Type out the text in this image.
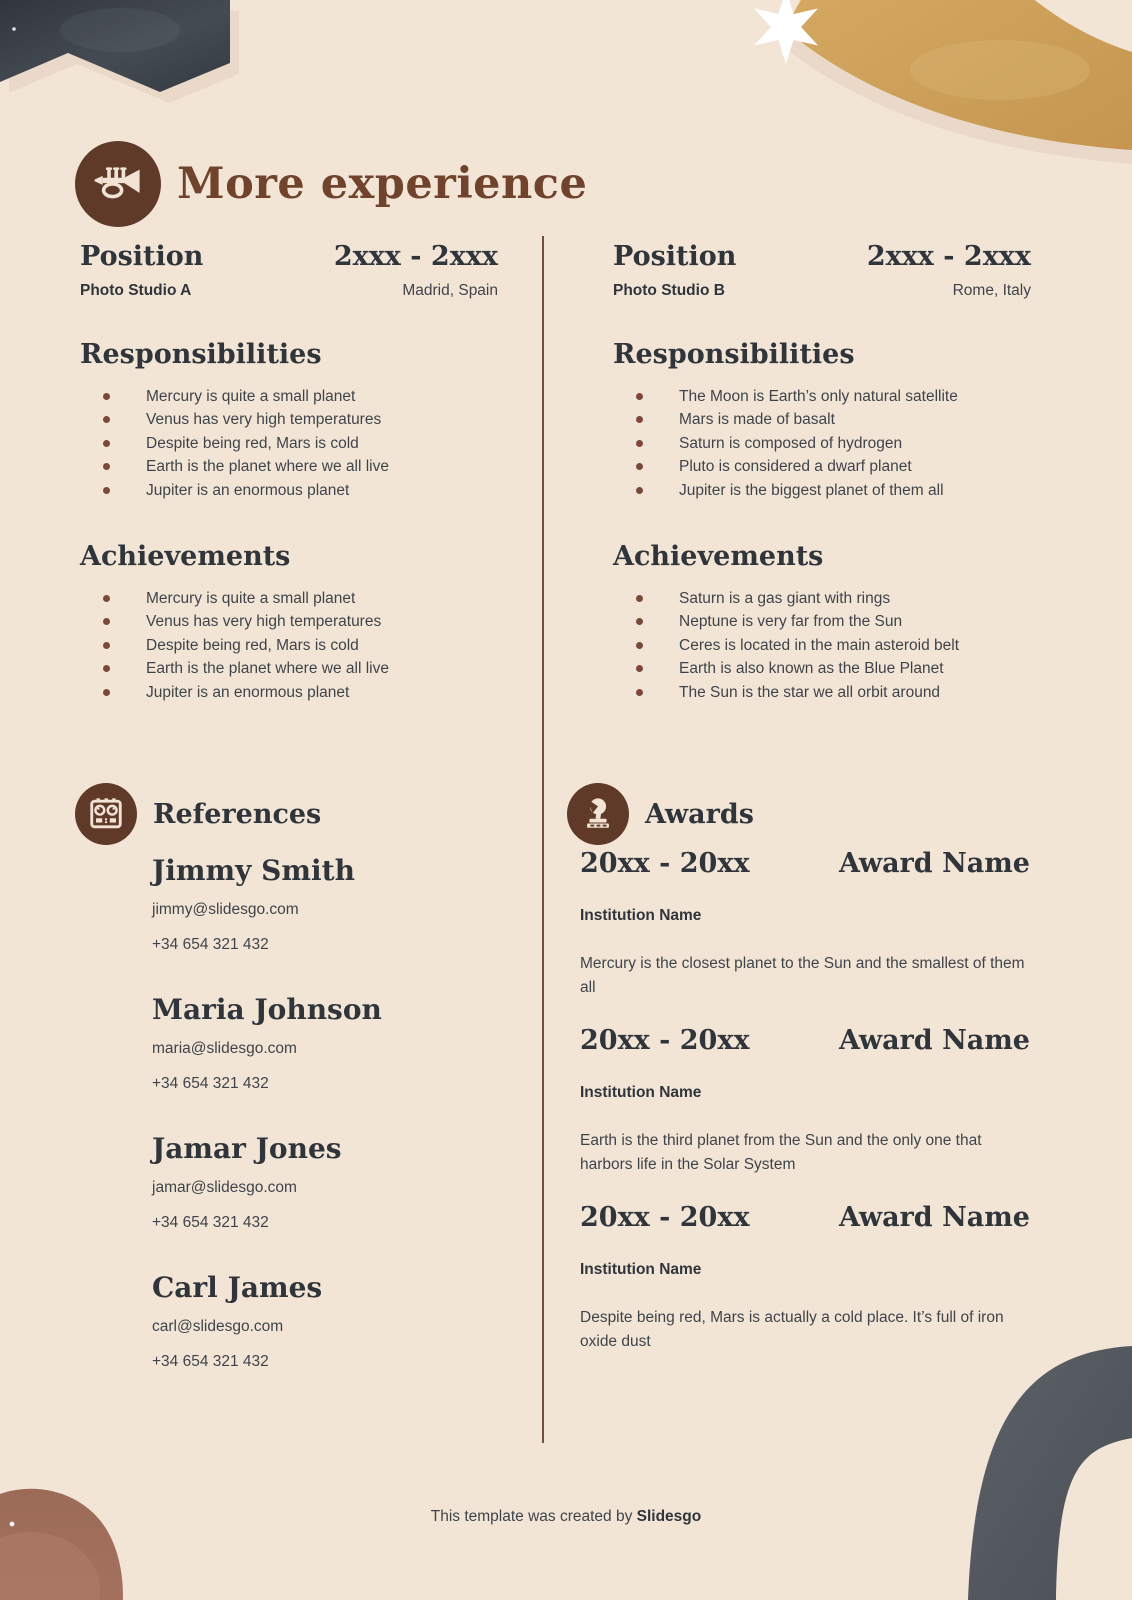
More experience
Position	2xxx - 2xxx
Photo Studio A	Madrid, Spain
Responsibilities
Mercury is quite a small planet
Venus has very high temperatures
Despite being red, Mars is cold
Earth is the planet where we all live
Jupiter is an enormous planet
Achievements
Mercury is quite a small planet
Venus has very high temperatures
Despite being red, Mars is cold
Earth is the planet where we all live
Jupiter is an enormous planet
Position	2xxx - 2xxx
Photo Studio B	Rome, Italy
Responsibilities
The Moon is Earth’s only natural satellite
Mars is made of basalt
Saturn is composed of hydrogen
Pluto is considered a dwarf planet
Jupiter is the biggest planet of them all
Achievements
Saturn is a gas giant with rings
Neptune is very far from the Sun
Ceres is located in the main asteroid belt
Earth is also known as the Blue Planet
The Sun is the star we all orbit around
References
Jimmy Smith
jimmy@slidesgo.com
+34 654 321 432
Maria Johnson
maria@slidesgo.com
+34 654 321 432
Jamar Jones
jamar@slidesgo.com
+34 654 321 432
Carl James
carl@slidesgo.com
+34 654 321 432
Awards
20xx - 20xx	Award Name
Institution Name
Mercury is the closest planet to the Sun and the smallest of them all
20xx - 20xx	Award Name
Institution Name
Earth is the third planet from the Sun and the only one that harbors life in the Solar System
20xx - 20xx	Award Name
Institution Name
Despite being red, Mars is actually a cold place. It’s full of iron oxide dust
This template was created by Slidesgo
